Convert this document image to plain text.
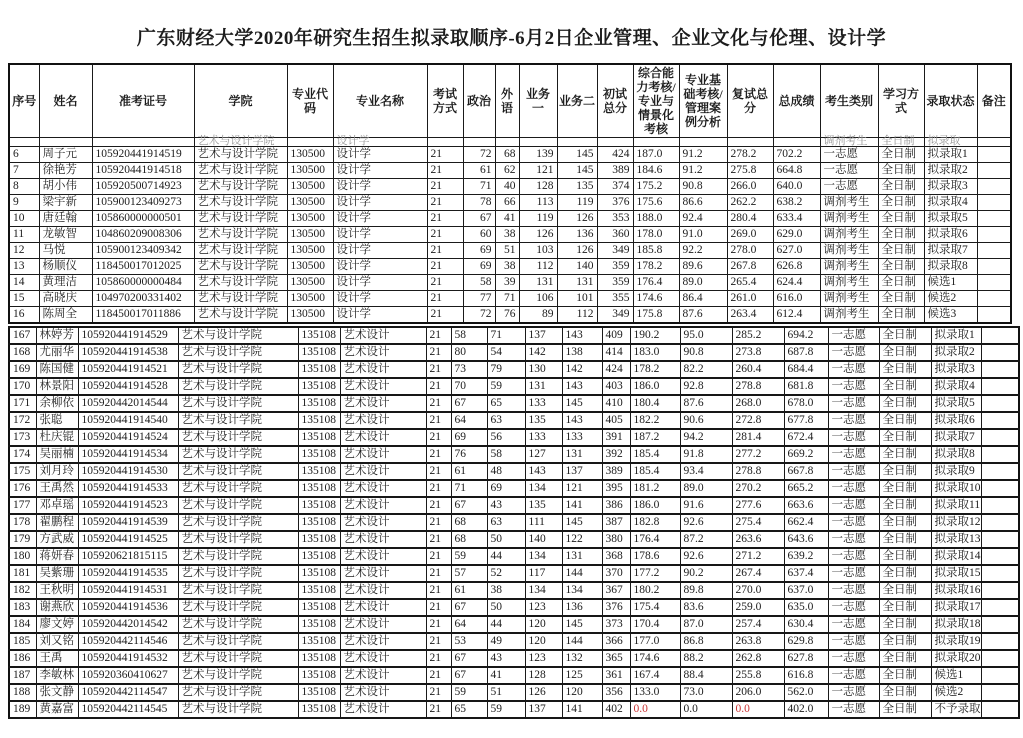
广东财经大学2020年研究生招生拟录取顺序-6月2日企业管理、企业文化与伦理、设计学
序号	姓名	准考证号	学院	专业代码	专业名称	考试方式	政治	外语	业务一	业务二	初试总分	综合能力考核/专业与情景化考核	专业基础考核/管理案例分析	复试总分	总成绩	考生类别	学习方式	录取状态	备注

			艺术与设计学院		设计学											调剂考生	全日制	拟录取	

6	周子元	105920441914519	艺术与设计学院	130500	设计学	21	72	68	139	145	424	187.0	91.2	278.2	702.2	一志愿	全日制	拟录取1	
7	徐艳芳	105920441914518	艺术与设计学院	130500	设计学	21	61	62	121	145	389	184.6	91.2	275.8	664.8	一志愿	全日制	拟录取2	
8	胡小伟	105920500714923	艺术与设计学院	130500	设计学	21	71	40	128	135	374	175.2	90.8	266.0	640.0	一志愿	全日制	拟录取3	
9	梁宇新	105900123409273	艺术与设计学院	130500	设计学	21	78	66	113	119	376	175.6	86.6	262.2	638.2	调剂考生	全日制	拟录取4	
10	唐廷翰	105860000000501	艺术与设计学院	130500	设计学	21	67	41	119	126	353	188.0	92.4	280.4	633.4	调剂考生	全日制	拟录取5	
11	龙敏智	104860209008306	艺术与设计学院	130500	设计学	21	60	38	126	136	360	178.0	91.0	269.0	629.0	调剂考生	全日制	拟录取6	
12	马悦	105900123409342	艺术与设计学院	130500	设计学	21	69	51	103	126	349	185.8	92.2	278.0	627.0	调剂考生	全日制	拟录取7	
13	杨顺仪	118450017012025	艺术与设计学院	130500	设计学	21	69	38	112	140	359	178.2	89.6	267.8	626.8	调剂考生	全日制	拟录取8	
14	黄理洁	105860000000484	艺术与设计学院	130500	设计学	21	58	39	131	131	359	176.4	89.0	265.4	624.4	调剂考生	全日制	候选1	
15	高晓庆	104970200331402	艺术与设计学院	130500	设计学	21	77	71	106	101	355	174.6	86.4	261.0	616.0	调剂考生	全日制	候选2	
16	陈周全	118450017011886	艺术与设计学院	130500	设计学	21	72	76	89	112	349	175.8	87.6	263.4	612.4	调剂考生	全日制	候选3	
167	林婷芳	105920441914529	艺术与设计学院	135108	艺术设计	21	58	71	137	143	409	190.2	95.0	285.2	694.2	一志愿	全日制	拟录取1	
168	尤丽华	105920441914538	艺术与设计学院	135108	艺术设计	21	80	54	142	138	414	183.0	90.8	273.8	687.8	一志愿	全日制	拟录取2	
169	陈国健	105920441914521	艺术与设计学院	135108	艺术设计	21	73	79	130	142	424	178.2	82.2	260.4	684.4	一志愿	全日制	拟录取3	
170	林景阳	105920441914528	艺术与设计学院	135108	艺术设计	21	70	59	131	143	403	186.0	92.8	278.8	681.8	一志愿	全日制	拟录取4	
171	余柳依	105920442014544	艺术与设计学院	135108	艺术设计	21	67	65	133	145	410	180.4	87.6	268.0	678.0	一志愿	全日制	拟录取5	
172	张聪	105920441914540	艺术与设计学院	135108	艺术设计	21	64	63	135	143	405	182.2	90.6	272.8	677.8	一志愿	全日制	拟录取6	
173	杜庆锟	105920441914524	艺术与设计学院	135108	艺术设计	21	69	56	133	133	391	187.2	94.2	281.4	672.4	一志愿	全日制	拟录取7	
174	吴丽楠	105920441914534	艺术与设计学院	135108	艺术设计	21	76	58	127	131	392	185.4	91.8	277.2	669.2	一志愿	全日制	拟录取8	
175	刘月玲	105920441914530	艺术与设计学院	135108	艺术设计	21	61	48	143	137	389	185.4	93.4	278.8	667.8	一志愿	全日制	拟录取9	
176	王禹然	105920441914533	艺术与设计学院	135108	艺术设计	21	71	69	134	121	395	181.2	89.0	270.2	665.2	一志愿	全日制	拟录取10	
177	邓卓瑶	105920441914523	艺术与设计学院	135108	艺术设计	21	67	43	135	141	386	186.0	91.6	277.6	663.6	一志愿	全日制	拟录取11	
178	翟鹏程	105920441914539	艺术与设计学院	135108	艺术设计	21	68	63	111	145	387	182.8	92.6	275.4	662.4	一志愿	全日制	拟录取12	
179	方武威	105920441914525	艺术与设计学院	135108	艺术设计	21	68	50	140	122	380	176.4	87.2	263.6	643.6	一志愿	全日制	拟录取13	
180	蒋妍春	105920621815115	艺术与设计学院	135108	艺术设计	21	59	44	134	131	368	178.6	92.6	271.2	639.2	一志愿	全日制	拟录取14	
181	吴紫珊	105920441914535	艺术与设计学院	135108	艺术设计	21	57	52	117	144	370	177.2	90.2	267.4	637.4	一志愿	全日制	拟录取15	
182	王秋明	105920441914531	艺术与设计学院	135108	艺术设计	21	61	38	134	134	367	180.2	89.8	270.0	637.0	一志愿	全日制	拟录取16	
183	谢燕欣	105920441914536	艺术与设计学院	135108	艺术设计	21	67	50	123	136	376	175.4	83.6	259.0	635.0	一志愿	全日制	拟录取17	
184	廖文婷	105920442014542	艺术与设计学院	135108	艺术设计	21	64	44	120	145	373	170.4	87.0	257.4	630.4	一志愿	全日制	拟录取18	
185	刘又铭	105920442114546	艺术与设计学院	135108	艺术设计	21	53	49	120	144	366	177.0	86.8	263.8	629.8	一志愿	全日制	拟录取19	
186	王禹	105920441914532	艺术与设计学院	135108	艺术设计	21	67	43	123	132	365	174.6	88.2	262.8	627.8	一志愿	全日制	拟录取20	
187	李敏林	105920360410627	艺术与设计学院	135108	艺术设计	21	67	41	128	125	361	167.4	88.4	255.8	616.8	一志愿	全日制	候选1	
188	张文静	105920442114547	艺术与设计学院	135108	艺术设计	21	59	51	126	120	356	133.0	73.0	206.0	562.0	一志愿	全日制	候选2	
189	黄嘉富	105920442114545	艺术与设计学院	135108	艺术设计	21	65	59	137	141	402	0.0	0.0	0.0	402.0	一志愿	全日制	不予录取	
